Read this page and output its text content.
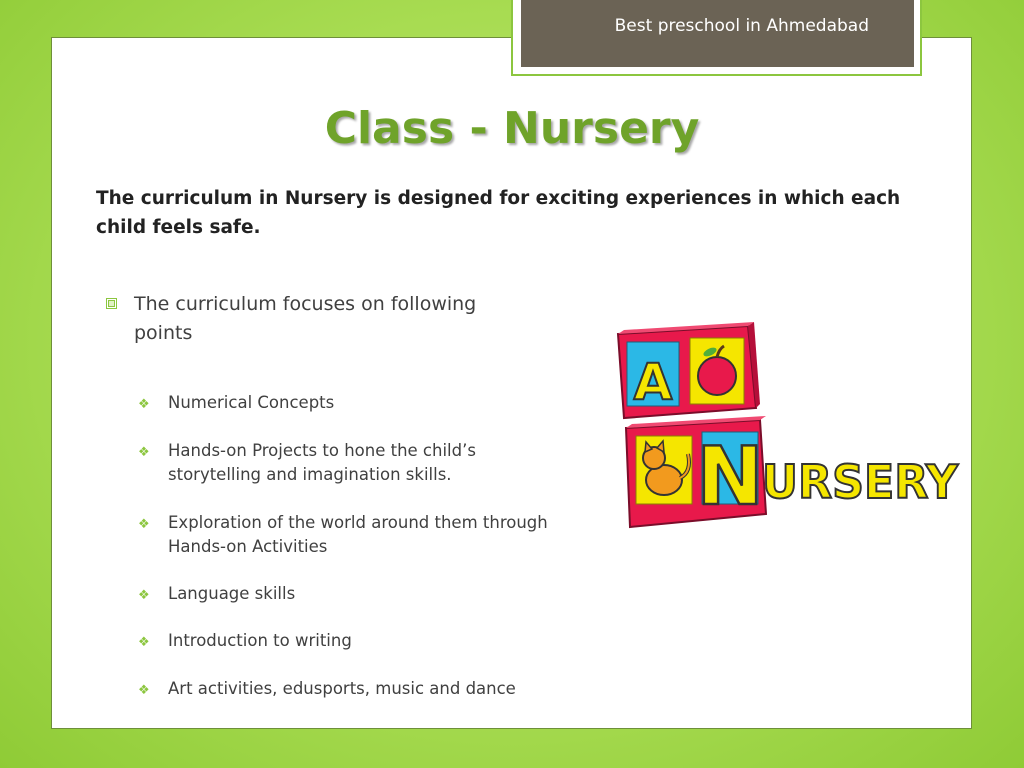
Best preschool in Ahmedabad
Class - Nursery

The curriculum in Nursery is designed for exciting experiences in which each child feels safe.

The curriculum focuses on following points
❖ Numerical Concepts
❖ Hands-on Projects to hone the child’s storytelling and imagination skills.
❖ Exploration of the world around them through Hands-on Activities
❖ Language skills
❖ Introduction to writing
❖ Art activities, edusports, music and dance
A
N
URSERY
